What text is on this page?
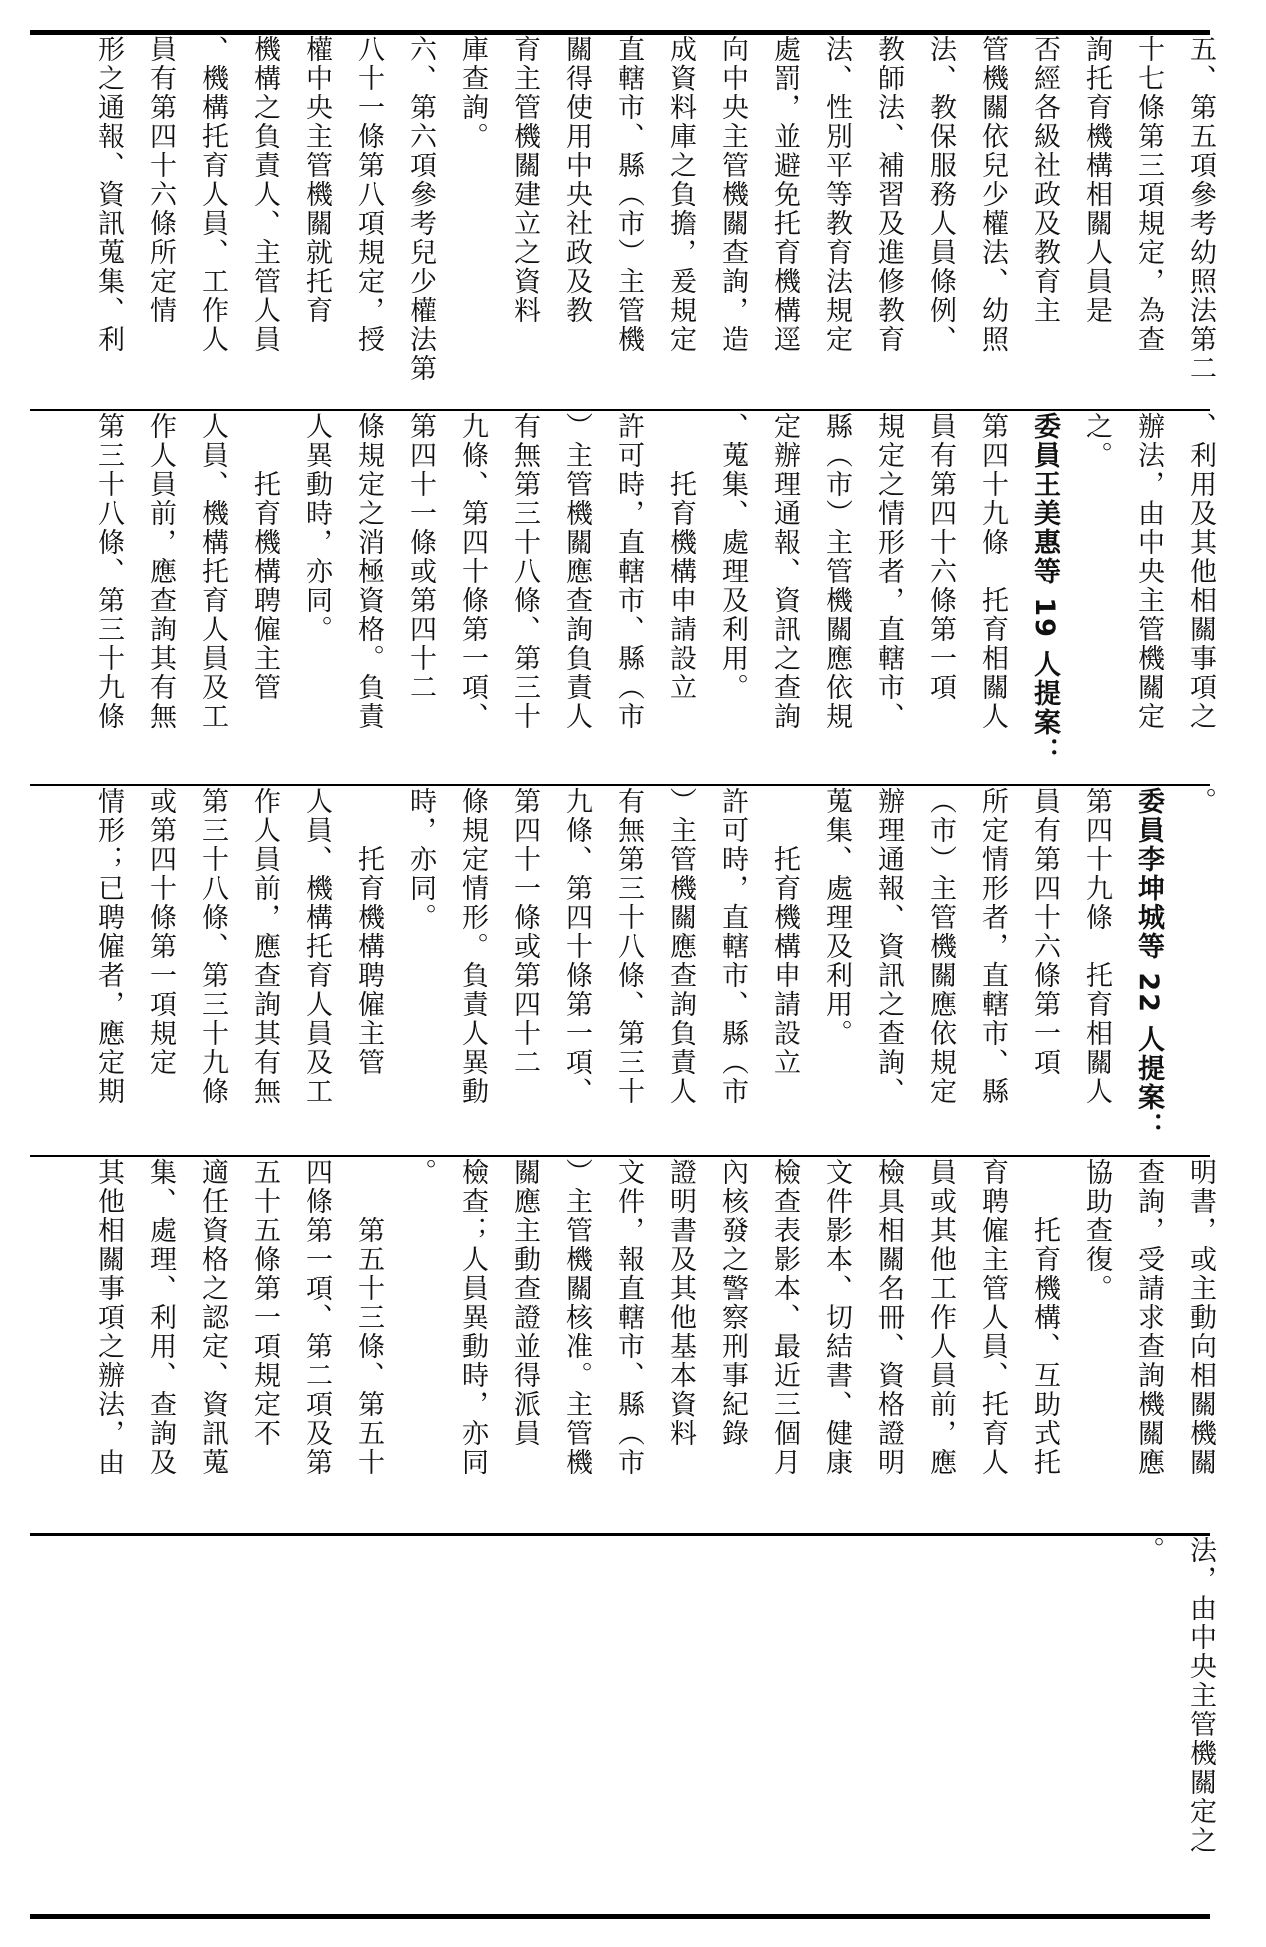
五、第五項參考幼照法第二
十七條第三項規定，為查
詢托育機構相關人員是
否經各級社政及教育主
管機關依兒少權法、幼照
法、教保服務人員條例、
教師法、補習及進修教育
法、性別平等教育法規定
處罰，並避免托育機構逕
向中央主管機關查詢，造
成資料庫之負擔，爰規定
直轄市、縣（市）主管機
關得使用中央社政及教
育主管機關建立之資料
庫查詢。
六、第六項參考兒少權法第
八十一條第八項規定，授
權中央主管機關就托育
機構之負責人、主管人員
、機構托育人員、工作人
員有第四十六條所定情
形之通報、資訊蒐集、利
、利用及其他相關事項之
辦法，由中央主管機關定
之。
委員王美惠等 19 人提案：
第四十九條　托育相關人
員有第四十六條第一項
規定之情形者，直轄市、
縣（市）主管機關應依規
定辦理通報、資訊之查詢
、蒐集、處理及利用。
　　托育機構申請設立
許可時，直轄市、縣（市
）主管機關應查詢負責人
有無第三十八條、第三十
九條、第四十條第一項、
第四十一條或第四十二
條規定之消極資格。負責
人異動時，亦同。
　　托育機構聘僱主管
人員、機構托育人員及工
作人員前，應查詢其有無
第三十八條、第三十九條
。
委員李坤城等 22 人提案：
第四十九條　托育相關人
員有第四十六條第一項
所定情形者，直轄市、縣
（市）主管機關應依規定
辦理通報、資訊之查詢、
蒐集、處理及利用。
　　托育機構申請設立
許可時，直轄市、縣（市
）主管機關應查詢負責人
有無第三十八條、第三十
九條、第四十條第一項、
第四十一條或第四十二
條規定情形。負責人異動
時，亦同。
　　托育機構聘僱主管
人員、機構托育人員及工
作人員前，應查詢其有無
第三十八條、第三十九條
或第四十條第一項規定
情形；已聘僱者，應定期
明書，或主動向相關機關
查詢，受請求查詢機關應
協助查復。
　　托育機構、互助式托
育聘僱主管人員、托育人
員或其他工作人員前，應
檢具相關名冊、資格證明
文件影本、切結書、健康
檢查表影本、最近三個月
內核發之警察刑事紀錄
證明書及其他基本資料
文件，報直轄市、縣（市
）主管機關核准。主管機
關應主動查證並得派員
檢查；人員異動時，亦同
。
　　第五十三條、第五十
四條第一項、第二項及第
五十五條第一項規定不
適任資格之認定、資訊蒐
集、處理、利用、查詢及
其他相關事項之辦法，由
法，由中央主管機關定之
。
